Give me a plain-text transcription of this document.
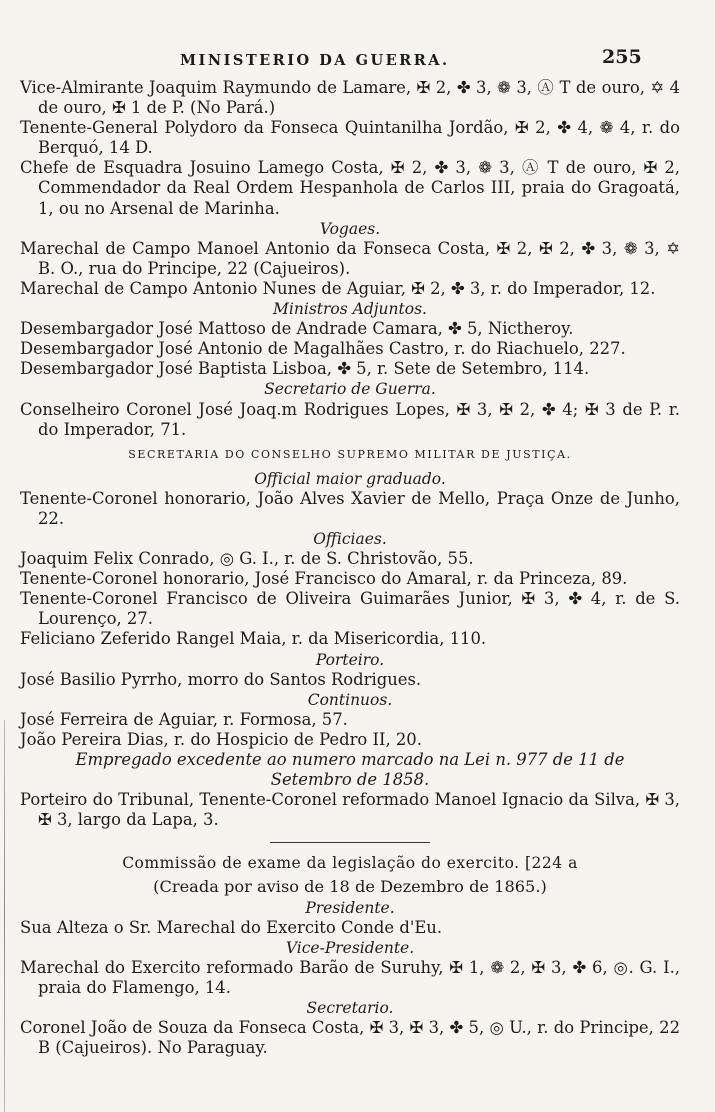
MINISTERIO DA GUERRA.	255

Vice-Almirante Joaquim Raymundo de Lamare, ✠ 2, ✤ 3, ❁ 3, Ⓐ T de ouro, ✡ 4 de ouro, ✠ 1 de P. (No Pará.)

Tenente-General Polydoro da Fonseca Quintanilha Jordão, ✠ 2, ✤ 4, ❁ 4, r. do Berquó, 14 D.

Chefe de Esquadra Josuino Lamego Costa, ✠ 2, ✤ 3, ❁ 3, Ⓐ T de ouro, ✠ 2, Commendador da Real Ordem Hespanhola de Carlos III, praia do Gragoatá, 1, ou no Arsenal de Marinha.

Vogaes.

Marechal de Campo Manoel Antonio da Fonseca Costa, ✠ 2, ✠ 2, ✤ 3, ❁ 3, ✡ B. O., rua do Principe, 22 (Cajueiros).

Marechal de Campo Antonio Nunes de Aguiar, ✠ 2, ✤ 3, r. do Imperador, 12.

Ministros Adjuntos.

Desembargador José Mattoso de Andrade Camara, ✤ 5, Nictheroy.

Desembargador José Antonio de Magalhães Castro, r. do Riachuelo, 227.

Desembargador José Baptista Lisboa, ✤ 5, r. Sete de Setembro, 114.

Secretario de Guerra.

Conselheiro Coronel José Joaq.m Rodrigues Lopes, ✠ 3, ✠ 2, ✤ 4; ✠ 3 de P. r. do Imperador, 71.

SECRETARIA DO CONSELHO SUPREMO MILITAR DE JUSTIÇA.

Official maior graduado.

Tenente-Coronel honorario, João Alves Xavier de Mello, Praça Onze de Junho, 22.

Officiaes.

Joaquim Felix Conrado, ◎ G. I., r. de S. Christovão, 55.

Tenente-Coronel honorario, José Francisco do Amaral, r. da Princeza, 89.

Tenente-Coronel Francisco de Oliveira Guimarães Junior, ✠ 3, ✤ 4, r. de S. Lourenço, 27.

Feliciano Zeferido Rangel Maia, r. da Misericordia, 110.

Porteiro.

José Basilio Pyrrho, morro do Santos Rodrigues.

Continuos.

José Ferreira de Aguiar, r. Formosa, 57.

João Pereira Dias, r. do Hospicio de Pedro II, 20.

Empregado excedente ao numero marcado na Lei n. 977 de 11 de Setembro de 1858.

Porteiro do Tribunal, Tenente-Coronel reformado Manoel Ignacio da Silva, ✠ 3, ✠ 3, largo da Lapa, 3.

Commissão de exame da legislação do exercito. [224 a

(Creada por aviso de 18 de Dezembro de 1865.)

Presidente.

Sua Alteza o Sr. Marechal do Exercito Conde d'Eu.

Vice-Presidente.

Marechal do Exercito reformado Barão de Suruhy, ✠ 1, ❁ 2, ✠ 3, ✤ 6, ◎. G. I., praia do Flamengo, 14.

Secretario.

Coronel João de Souza da Fonseca Costa, ✠ 3, ✠ 3, ✤ 5, ◎ U., r. do Principe, 22 B (Cajueiros). No Paraguay.
